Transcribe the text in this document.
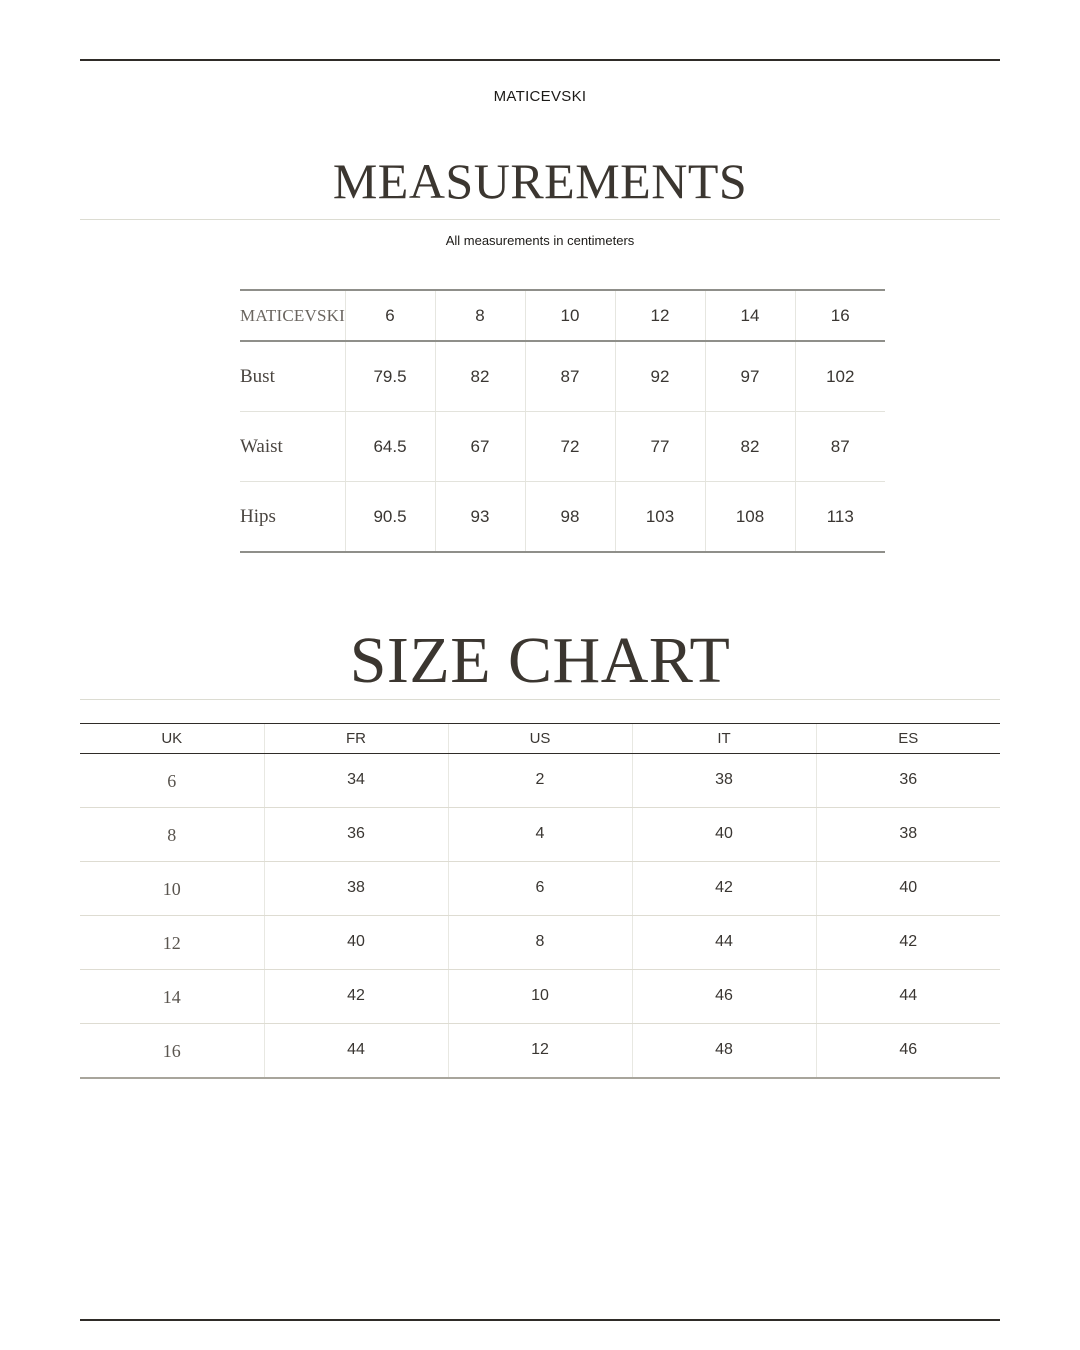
MATICEVSKI
MEASUREMENTS
All measurements in centimeters
MATICEVSKI	6	8	10	12	14	16
Bust	79.5	82	87	92	97	102
Waist	64.5	67	72	77	82	87
Hips	90.5	93	98	103	108	113
SIZE CHART
UK	FR	US	IT	ES
6	34	2	38	36
8	36	4	40	38
10	38	6	42	40
12	40	8	44	42
14	42	10	46	44
16	44	12	48	46
